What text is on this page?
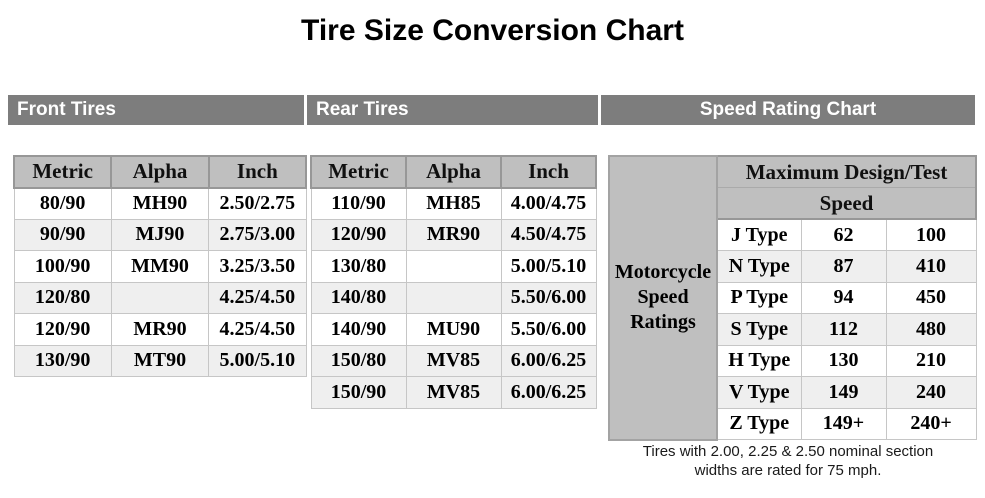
Tire Size Conversion Chart
Front Tires	Rear Tires	Speed Rating Chart
Metric	Alpha	Inch
80/90	MH90	2.50/2.75
90/90	MJ90	2.75/3.00
100/90	MM90	3.25/3.50
120/80		4.25/4.50
120/90	MR90	4.25/4.50
130/90	MT90	5.00/5.10
Metric	Alpha	Inch
110/90	MH85	4.00/4.75
120/90	MR90	4.50/4.75
130/80		5.00/5.10
140/80		5.50/6.00
140/90	MU90	5.50/6.00
150/80	MV85	6.00/6.25
150/90	MV85	6.00/6.25
Motorcycle Speed Ratings	Maximum Design/Test		
	Speed		
	J Type	62	100
	N Type	87	410
	P Type	94	450
	S Type	112	480
	H Type	130	210
	V Type	149	240
	Z Type	149+	240+
Tires with 2.00, 2.25 & 2.50 nominal section
widths are rated for 75 mph.
